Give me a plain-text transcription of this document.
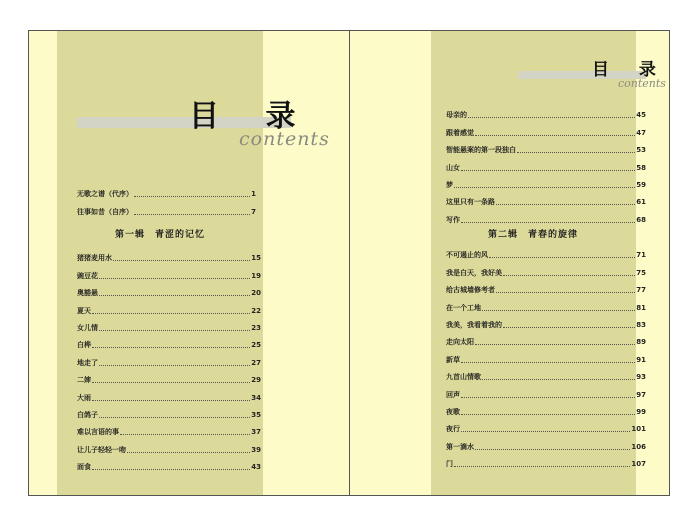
目 录
contents
无歌之谱（代序）	1
往事如昔（自序）	7
第一辑　青涩的记忆
猪猪麦用水	15
豌豆花	19
奥豁悬	20
夏天	22
女儿情	23
白桦	25
地走了	27
二婶	29
大雨	34
白鸽子	35
难以言语的事	37
让儿子轻轻一吻	39
面食	43
目 录
contents
母亲的	45
跟着感觉	47
智能悬案的第一段独白	53
山女	58
梦	59
这里只有一条路	61
写作	68
第二辑　青春的旋律
不可遏止的风	71
我是白天，我好美	75
给古城墙修考者	77
在一个工地	81
我美，我看着我的	83
走向太阳	89
新草	91
九首山情歌	93
回声	97
夜歌	99
夜行	101
第一滴水	106
门	107
